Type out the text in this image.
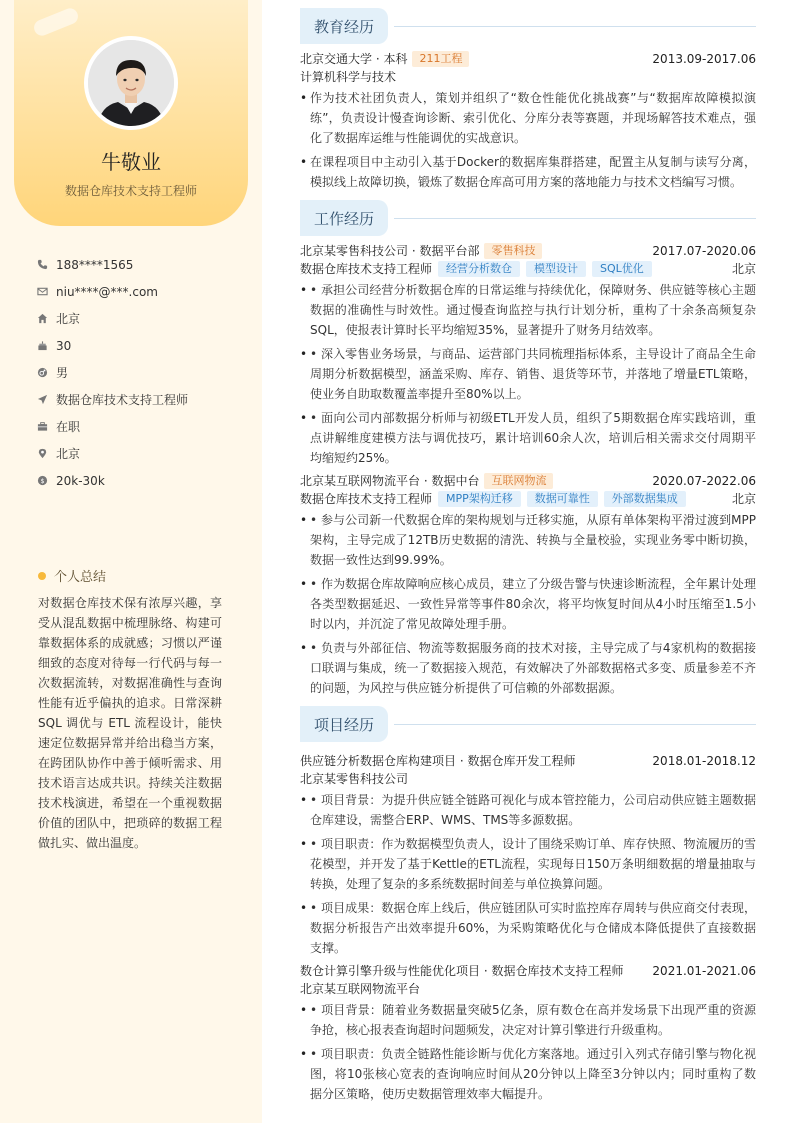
牛敬业
数据仓库技术支持工程师
188****1565
niu****@***.com
北京
30
男
数据仓库技术支持工程师
在职
北京
$ 20k-30k
个人总结
对数据仓库技术保有浓厚兴趣，享受从混乱数据中梳理脉络、构建可靠数据体系的成就感；习惯以严谨细致的态度对待每一行代码与每一次数据流转，对数据准确性与查询性能有近乎偏执的追求。日常深耕 SQL 调优与 ETL 流程设计，能快速定位数据异常并给出稳当方案，在跨团队协作中善于倾听需求、用技术语言达成共识。持续关注数据技术栈演进，希望在一个重视数据价值的团队中，把琐碎的数据工程做扎实、做出温度。
教育经历
北京交通大学 · 本科	211工程	2013.09-2017.06
计算机科学与技术
• 作为技术社团负责人，策划并组织了“数仓性能优化挑战赛”与“数据库故障模拟演练”，负责设计慢查询诊断、索引优化、分库分表等赛题，并现场解答技术难点，强化了数据库运维与性能调优的实战意识。
• 在课程项目中主动引入基于Docker的数据库集群搭建，配置主从复制与读写分离，模拟线上故障切换，锻炼了数据仓库高可用方案的落地能力与技术文档编写习惯。
工作经历
北京某零售科技公司 · 数据平台部	零售科技	2017.07-2020.06
数据仓库技术支持工程师	经营分析数仓	模型设计	SQL优化	北京
• • 承担公司经营分析数据仓库的日常运维与持续优化，保障财务、供应链等核心主题数据的准确性与时效性。通过慢查询监控与执行计划分析，重构了十余条高频复杂SQL，使报表计算时长平均缩短35%，显著提升了财务月结效率。
• • 深入零售业务场景，与商品、运营部门共同梳理指标体系，主导设计了商品全生命周期分析数据模型，涵盖采购、库存、销售、退货等环节，并落地了增量ETL策略，使业务自助取数覆盖率提升至80%以上。
• • 面向公司内部数据分析师与初级ETL开发人员，组织了5期数据仓库实践培训，重点讲解维度建模方法与调优技巧，累计培训60余人次，培训后相关需求交付周期平均缩短约25%。
北京某互联网物流平台 · 数据中台	互联网物流	2020.07-2022.06
数据仓库技术支持工程师	MPP架构迁移	数据可靠性	外部数据集成	北京
• • 参与公司新一代数据仓库的架构规划与迁移实施，从原有单体架构平滑过渡到MPP架构，主导完成了12TB历史数据的清洗、转换与全量校验，实现业务零中断切换，数据一致性达到99.99%。
• • 作为数据仓库故障响应核心成员，建立了分级告警与快速诊断流程，全年累计处理各类型数据延迟、一致性异常等事件80余次，将平均恢复时间从4小时压缩至1.5小时以内，并沉淀了常见故障处理手册。
• • 负责与外部征信、物流等数据服务商的技术对接，主导完成了与4家机构的数据接口联调与集成，统一了数据接入规范，有效解决了外部数据格式多变、质量参差不齐的问题，为风控与供应链分析提供了可信赖的外部数据源。
项目经历
供应链分析数据仓库构建项目 · 数据仓库开发工程师	2018.01-2018.12
北京某零售科技公司
• • 项目背景：为提升供应链全链路可视化与成本管控能力，公司启动供应链主题数据仓库建设，需整合ERP、WMS、TMS等多源数据。
• • 项目职责：作为数据模型负责人，设计了围绕采购订单、库存快照、物流履历的雪花模型，并开发了基于Kettle的ETL流程，实现每日150万条明细数据的增量抽取与转换，处理了复杂的多系统数据时间差与单位换算问题。
• • 项目成果：数据仓库上线后，供应链团队可实时监控库存周转与供应商交付表现，数据分析报告产出效率提升60%，为采购策略优化与仓储成本降低提供了直接数据支撑。
数仓计算引擎升级与性能优化项目 · 数据仓库技术支持工程师 2021.01-2021.06
北京某互联网物流平台
• • 项目背景：随着业务数据量突破5亿条，原有数仓在高并发场景下出现严重的资源争抢，核心报表查询超时问题频发，决定对计算引擎进行升级重构。
• • 项目职责：负责全链路性能诊断与优化方案落地。通过引入列式存储引擎与物化视图，将10张核心宽表的查询响应时间从20分钟以上降至3分钟以内；同时重构了数据分区策略，使历史数据管理效率大幅提升。
